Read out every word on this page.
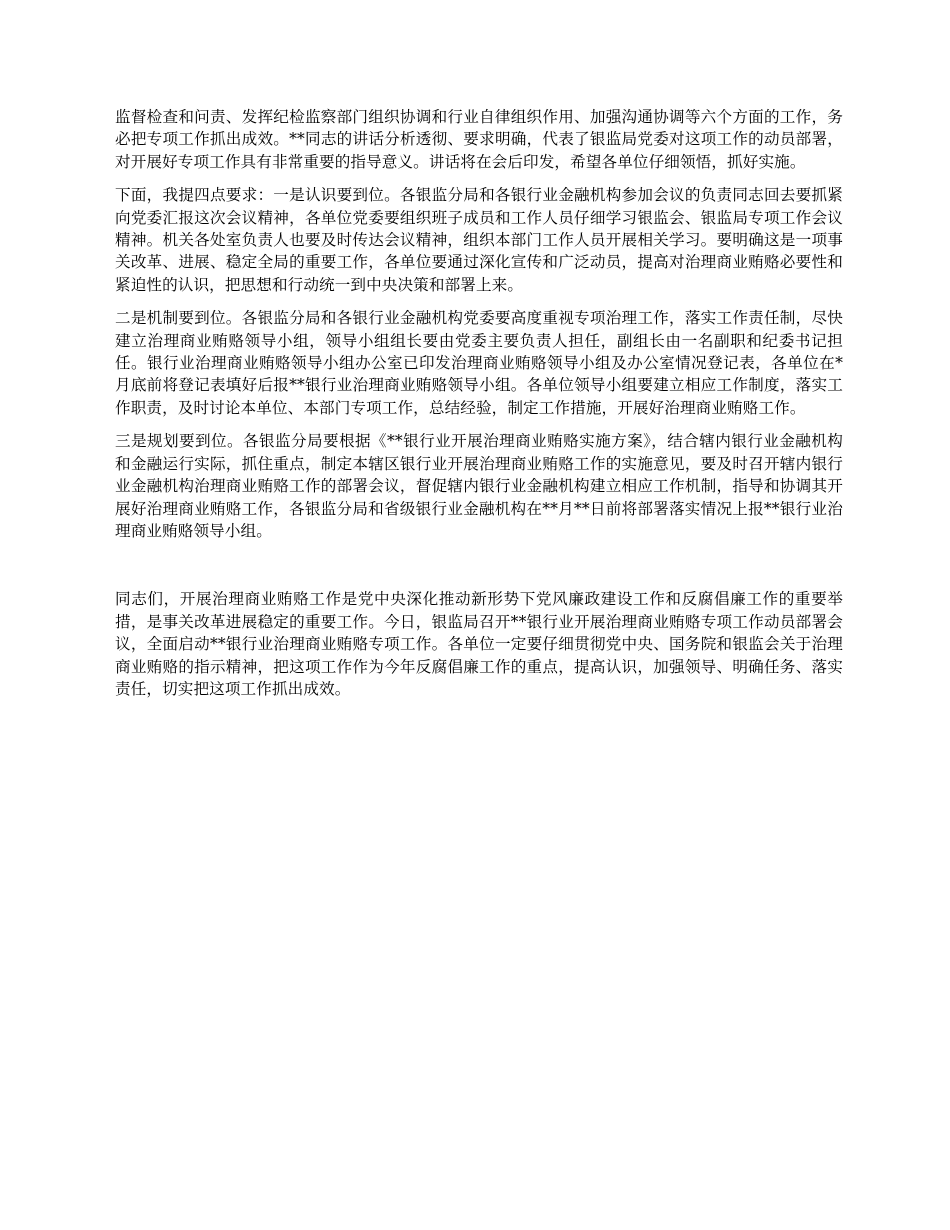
监督检查和问责、发挥纪检监察部门组织协调和行业自律组织作用、加强沟通协调等六个方面的工作，务必把专项工作抓出成效。**同志的讲话分析透彻、要求明确，代表了银监局党委对这项工作的动员部署，对开展好专项工作具有非常重要的指导意义。讲话将在会后印发，希望各单位仔细领悟，抓好实施。

下面，我提四点要求：一是认识要到位。各银监分局和各银行业金融机构参加会议的负责同志回去要抓紧向党委汇报这次会议精神，各单位党委要组织班子成员和工作人员仔细学习银监会、银监局专项工作会议精神。机关各处室负责人也要及时传达会议精神，组织本部门工作人员开展相关学习。要明确这是一项事关改革、进展、稳定全局的重要工作，各单位要通过深化宣传和广泛动员，提高对治理商业贿赂必要性和紧迫性的认识，把思想和行动统一到中央决策和部署上来。

二是机制要到位。各银监分局和各银行业金融机构党委要高度重视专项治理工作，落实工作责任制，尽快建立治理商业贿赂领导小组，领导小组组长要由党委主要负责人担任，副组长由一名副职和纪委书记担任。银行业治理商业贿赂领导小组办公室已印发治理商业贿赂领导小组及办公室情况登记表，各单位在*月底前将登记表填好后报**银行业治理商业贿赂领导小组。各单位领导小组要建立相应工作制度，落实工作职责，及时讨论本单位、本部门专项工作，总结经验，制定工作措施，开展好治理商业贿赂工作。

三是规划要到位。各银监分局要根据《**银行业开展治理商业贿赂实施方案》，结合辖内银行业金融机构和金融运行实际，抓住重点，制定本辖区银行业开展治理商业贿赂工作的实施意见，要及时召开辖内银行业金融机构治理商业贿赂工作的部署会议，督促辖内银行业金融机构建立相应工作机制，指导和协调其开展好治理商业贿赂工作，各银监分局和省级银行业金融机构在**月**日前将部署落实情况上报**银行业治理商业贿赂领导小组。

同志们，开展治理商业贿赂工作是党中央深化推动新形势下党风廉政建设工作和反腐倡廉工作的重要举措，是事关改革进展稳定的重要工作。今日，银监局召开**银行业开展治理商业贿赂专项工作动员部署会议，全面启动**银行业治理商业贿赂专项工作。各单位一定要仔细贯彻党中央、国务院和银监会关于治理商业贿赂的指示精神，把这项工作作为今年反腐倡廉工作的重点，提高认识，加强领导、明确任务、落实责任，切实把这项工作抓出成效。
